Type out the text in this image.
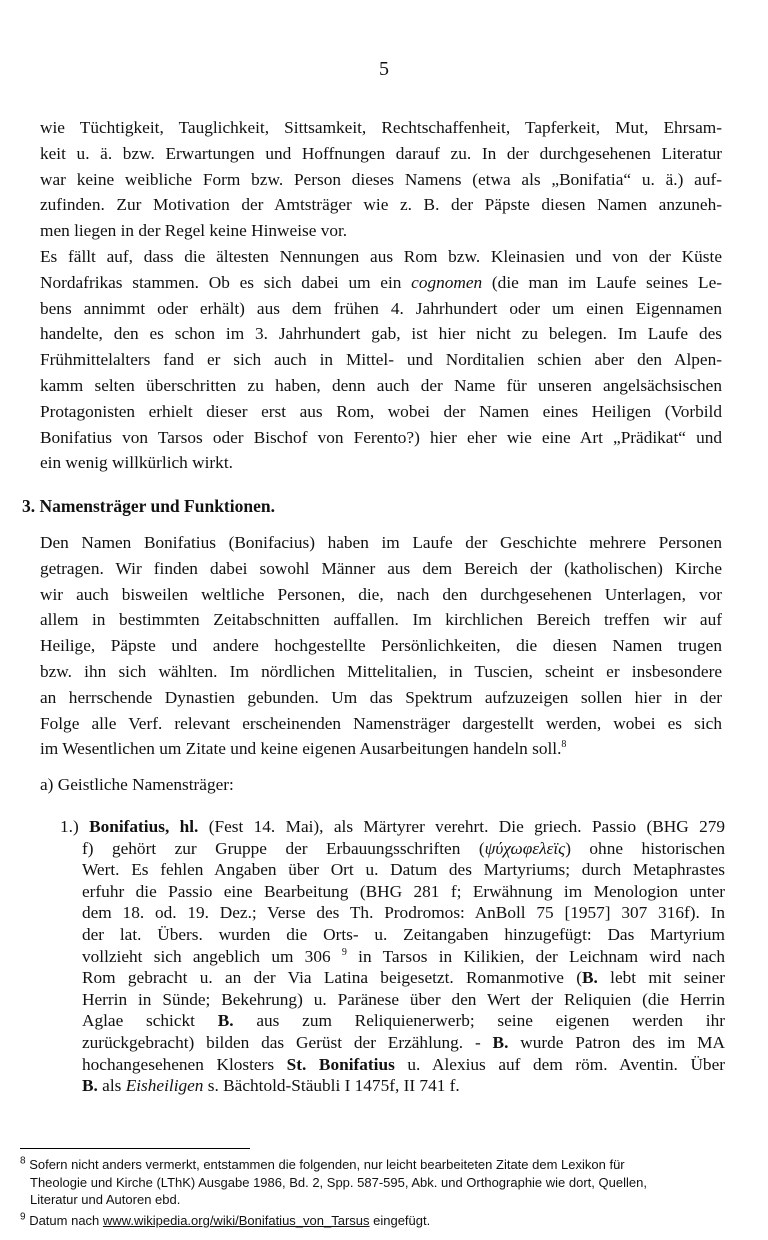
5
wie Tüchtigkeit, Tauglichkeit, Sittsamkeit, Rechtschaffenheit, Tapferkeit, Mut, Ehrsam-
keit u. ä. bzw. Erwartungen und Hoffnungen darauf zu. In der durchgesehenen Literatur
war keine weibliche Form bzw. Person dieses Namens (etwa als „Bonifatia“ u. ä.) auf-
zufinden. Zur Motivation der Amtsträger wie z. B. der Päpste diesen Namen anzuneh-
men liegen in der Regel keine Hinweise vor.
Es fällt auf, dass die ältesten Nennungen aus Rom bzw. Kleinasien und von der Küste
Nordafrikas stammen. Ob es sich dabei um ein cognomen (die man im Laufe seines Le-
bens annimmt oder erhält) aus dem frühen 4. Jahrhundert oder um einen Eigennamen
handelte, den es schon im 3. Jahrhundert gab, ist hier nicht zu belegen. Im Laufe des
Frühmittelalters fand er sich auch in Mittel- und Norditalien schien aber den Alpen-
kamm selten überschritten zu haben, denn auch der Name für unseren angelsächsischen
Protagonisten erhielt dieser erst aus Rom, wobei der Namen eines Heiligen (Vorbild
Bonifatius von Tarsos oder Bischof von Ferento?) hier eher wie eine Art „Prädikat“ und
ein wenig willkürlich wirkt.
3. Namensträger und Funktionen.
Den Namen Bonifatius (Bonifacius) haben im Laufe der Geschichte mehrere Personen
getragen. Wir finden dabei sowohl Männer aus dem Bereich der (katholischen) Kirche
wir auch bisweilen weltliche Personen, die, nach den durchgesehenen Unterlagen, vor
allem in bestimmten Zeitabschnitten auffallen. Im kirchlichen Bereich treffen wir auf
Heilige, Päpste und andere hochgestellte Persönlichkeiten, die diesen Namen trugen
bzw. ihn sich wählten. Im nördlichen Mittelitalien, in Tuscien, scheint er insbesondere
an herrschende Dynastien gebunden. Um das Spektrum aufzuzeigen sollen hier in der
Folge alle Verf. relevant erscheinenden Namensträger dargestellt werden, wobei es sich
im Wesentlichen um Zitate und keine eigenen Ausarbeitungen handeln soll.$^8$
a) Geistliche Namensträger:
1.) Bonifatius, hl. (Fest 14. Mai), als Märtyrer verehrt. Die griech. Passio (BHG 279
f) gehört zur Gruppe der Erbauungsschriften (ψύχωφελεϊς) ohne historischen
Wert. Es fehlen Angaben über Ort u. Datum des Martyriums; durch Metaphrastes
erfuhr die Passio eine Bearbeitung (BHG 281 f; Erwähnung im Menologion unter
dem 18. od. 19. Dez.; Verse des Th. Prodromos: AnBoll 75 [1957] 307 316f). In
der lat. Übers. wurden die Orts- u. Zeitangaben hinzugefügt: Das Martyrium
vollzieht sich angeblich um 306 $^9$ in Tarsos in Kilikien, der Leichnam wird nach
Rom gebracht u. an der Via Latina beigesetzt. Romanmotive (B. lebt mit seiner
Herrin in Sünde; Bekehrung) u. Paränese über den Wert der Reliquien (die Herrin
Aglae schickt B. aus zum Reliquienerwerb; seine eigenen werden ihr
zurückgebracht) bilden das Gerüst der Erzählung. - B. wurde Patron des im MA
hochangesehenen Klosters St. Bonifatius u. Alexius auf dem röm. Aventin. Über
B. als Eisheiligen s. Bächtold-Stäubli I 1475f, II 741 f.
$^8$ Sofern nicht anders vermerkt, entstammen die folgenden, nur leicht bearbeiteten Zitate dem Lexikon für
Theologie und Kirche (LThK) Ausgabe 1986, Bd. 2, Spp. 587-595, Abk. und Orthographie wie dort, Quellen,
Literatur und Autoren ebd.
$^9$ Datum nach www.wikipedia.org/wiki/Bonifatius_von_Tarsus eingefügt.
